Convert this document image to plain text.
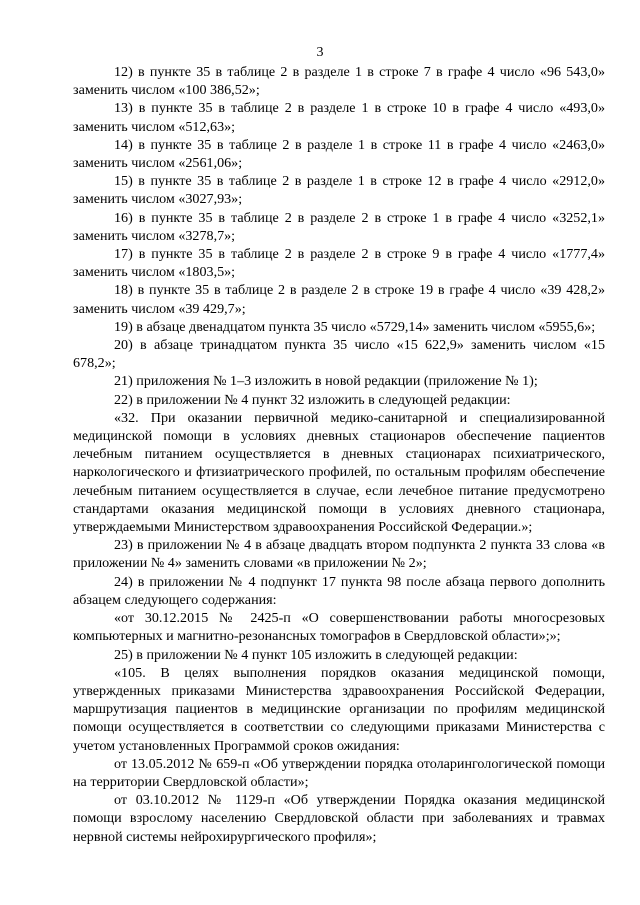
3

12) в пункте 35 в таблице 2 в разделе 1 в строке 7 в графе 4 число «96 543,0» заменить числом «100 386,52»;

13) в пункте 35 в таблице 2 в разделе 1 в строке 10 в графе 4 число «493,0» заменить числом «512,63»;

14) в пункте 35 в таблице 2 в разделе 1 в строке 11 в графе 4 число «2463,0» заменить числом «2561,06»;

15) в пункте 35 в таблице 2 в разделе 1 в строке 12 в графе 4 число «2912,0» заменить числом «3027,93»;

16) в пункте 35 в таблице 2 в разделе 2 в строке 1 в графе 4 число «3252,1» заменить числом «3278,7»;

17) в пункте 35 в таблице 2 в разделе 2 в строке 9 в графе 4 число «1777,4» заменить числом «1803,5»;

18) в пункте 35 в таблице 2 в разделе 2 в строке 19 в графе 4 число «39 428,2» заменить числом «39 429,7»;

19) в абзаце двенадцатом пункта 35 число «5729,14» заменить числом «5955,6»;

20) в абзаце тринадцатом пункта 35 число «15 622,9» заменить числом «15 678,2»;

21) приложения № 1–3 изложить в новой редакции (приложение № 1);

22) в приложении № 4 пункт 32 изложить в следующей редакции:

«32. При оказании первичной медико-санитарной и специализированной медицинской помощи в условиях дневных стационаров обеспечение пациентов лечебным питанием осуществляется в дневных стационарах психиатрического, наркологического и фтизиатрического профилей, по остальным профилям обеспечение лечебным питанием осуществляется в случае, если лечебное питание предусмотрено стандартами оказания медицинской помощи в условиях дневного стационара, утверждаемыми Министерством здравоохранения Российской Федерации.»;

23) в приложении № 4 в абзаце двадцать втором подпункта 2 пункта 33 слова «в приложении № 4» заменить словами «в приложении № 2»;

24) в приложении № 4 подпункт 17 пункта 98 после абзаца первого дополнить абзацем следующего содержания:

«от 30.12.2015 № 2425-п «О совершенствовании работы многосрезовых компьютерных и магнитно-резонансных томографов в Свердловской области»;»;

25) в приложении № 4 пункт 105 изложить в следующей редакции:

«105. В целях выполнения порядков оказания медицинской помощи, утвержденных приказами Министерства здравоохранения Российской Федерации, маршрутизация пациентов в медицинские организации по профилям медицинской помощи осуществляется в соответствии со следующими приказами Министерства с учетом установленных Программой сроков ожидания:

от 13.05.2012 № 659-п «Об утверждении порядка отоларингологической помощи на территории Свердловской области»;

от 03.10.2012 № 1129-п «Об утверждении Порядка оказания медицинской помощи взрослому населению Свердловской области при заболеваниях и травмах нервной системы нейрохирургического профиля»;
